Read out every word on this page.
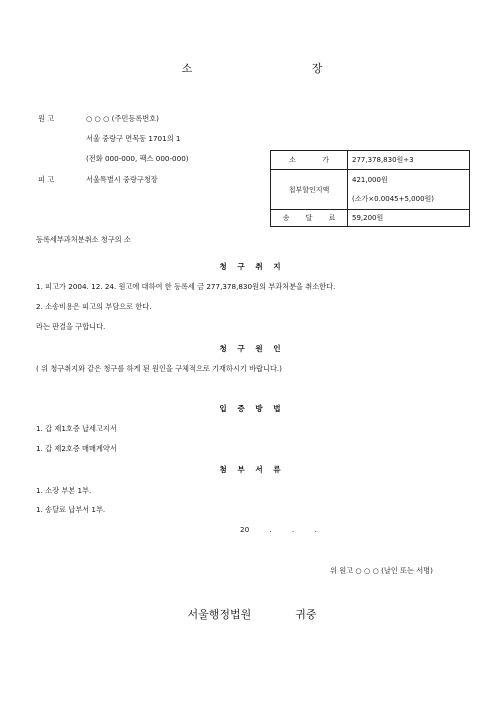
소 장
원 고	○ ○ ○ (주민등록번호)
서울 중랑구 면목동 1701의 1
(전화 000-000, 팩스 000-000)
피 고	서울특별시 중랑구청장
소 가	277,378,830원÷3
첩부할인지액	421,000원
(소가×0.0045+5,000원)

송 달 료	59,200원
등록세부과처분취소 청구의 소
청 구 취 지
1. 피고가 2004. 12. 24. 원고에 대하여 한 등록세 금 277,378,830원의 부과처분을 취소한다.
2. 소송비용은 피고의 부담으로 한다.
라는 판결을 구합니다.
청 구 원 인
( 위 청구취지와 같은 청구를 하게 된 원인을 구체적으로 기재하시기 바랍니다.)
입 증 방 법
1. 갑 제1호증 납세고지서
1. 갑 제2호증 매매계약서
첨 부 서 류
1. 소장 부본 1부.
1. 송달료 납부서 1부.
20 . . .
위 원고 ○ ○ ○ (날인 또는 서명)
서울행정법원	귀중
